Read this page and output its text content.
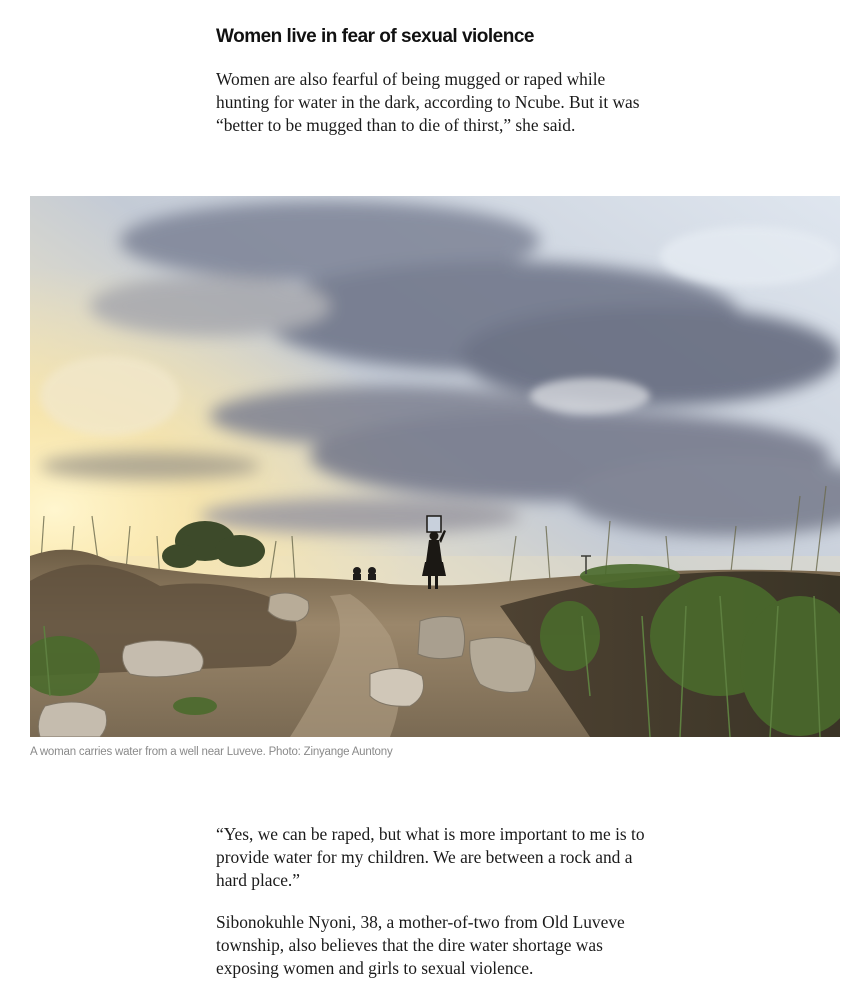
Women live in fear of sexual violence

Women are also fearful of being mugged or raped while hunting for water in the dark, according to Ncube. But it was “better to be mugged than to die of thirst,” she said.

A woman carries water from a well near Luveve. Photo: Zinyange Auntony

“Yes, we can be raped, but what is more important to me is to provide water for my children. We are between a rock and a hard place.”

Sibonokuhle Nyoni, 38, a mother-of-two from Old Luveve township, also believes that the dire water shortage was exposing women and girls to sexual violence.
